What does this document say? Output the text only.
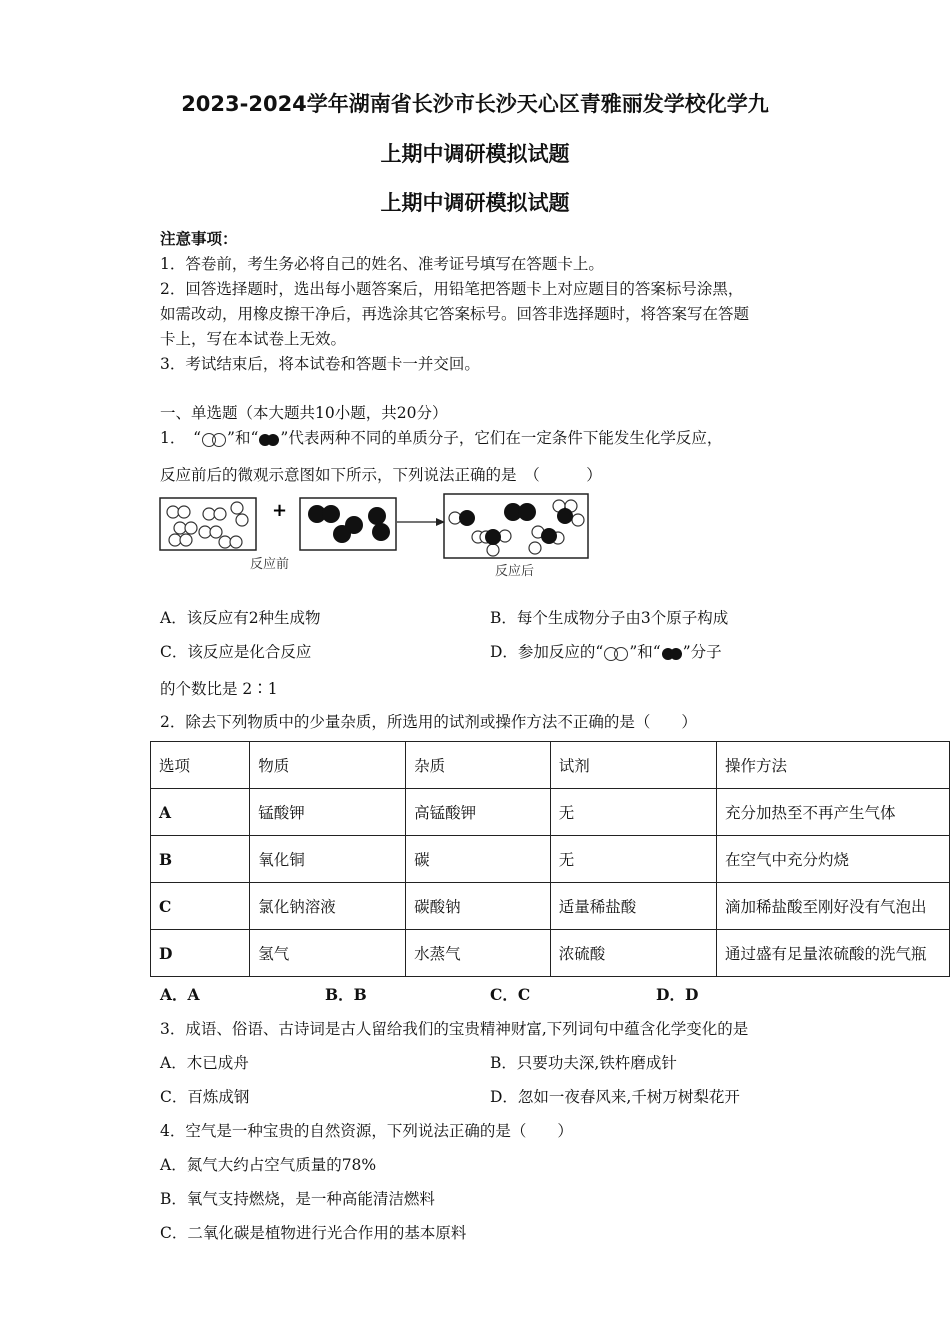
2023-2024学年湖南省长沙市长沙天心区青雅丽发学校化学九
上期中调研模拟试题
上期中调研模拟试题
注意事项：
1．答卷前，考生务必将自己的姓名、准考证号填写在答题卡上。
2．回答选择题时，选出每小题答案后，用铅笔把答题卡上对应题目的答案标号涂黑，
如需改动，用橡皮擦干净后，再选涂其它答案标号。回答非选择题时，将答案写在答题
卡上，写在本试卷上无效。
3．考试结束后，将本试卷和答题卡一并交回。
一、单选题（本大题共10小题，共20分）
1．　“ ”和“ ”代表两种不同的单质分子，它们在一定条件下能发生化学反应，
反应前后的微观示意图如下所示，下列说法正确的是　（　　　）
+
反应前	反应后
A．该反应有2种生成物	B．每个生成物分子由3个原子构成
C．该反应是化合反应	D．参加反应的“ ”和“ ”分子
的个数比是 2∶1
2．除去下列物质中的少量杂质，所选用的试剂或操作方法不正确的是（　　）
选项	物质	杂质	试剂	操作方法
A	锰酸钾	高锰酸钾	无	充分加热至不再产生气体
B	氧化铜	碳	无	在空气中充分灼烧
C	氯化钠溶液	碳酸钠	适量稀盐酸	滴加稀盐酸至刚好没有气泡出
D	氢气	水蒸气	浓硫酸	通过盛有足量浓硫酸的洗气瓶
A．A	B．B	C．C	D．D
3．成语、俗语、古诗词是古人留给我们的宝贵精神财富,下列词句中蕴含化学变化的是
A．木已成舟	B．只要功夫深,铁杵磨成针
C．百炼成钢	D．忽如一夜春风来,千树万树梨花开
4．空气是一种宝贵的自然资源，下列说法正确的是（　　）
A．氮气大约占空气质量的78%
B．氧气支持燃烧，是一种高能清洁燃料
C．二氧化碳是植物进行光合作用的基本原料
